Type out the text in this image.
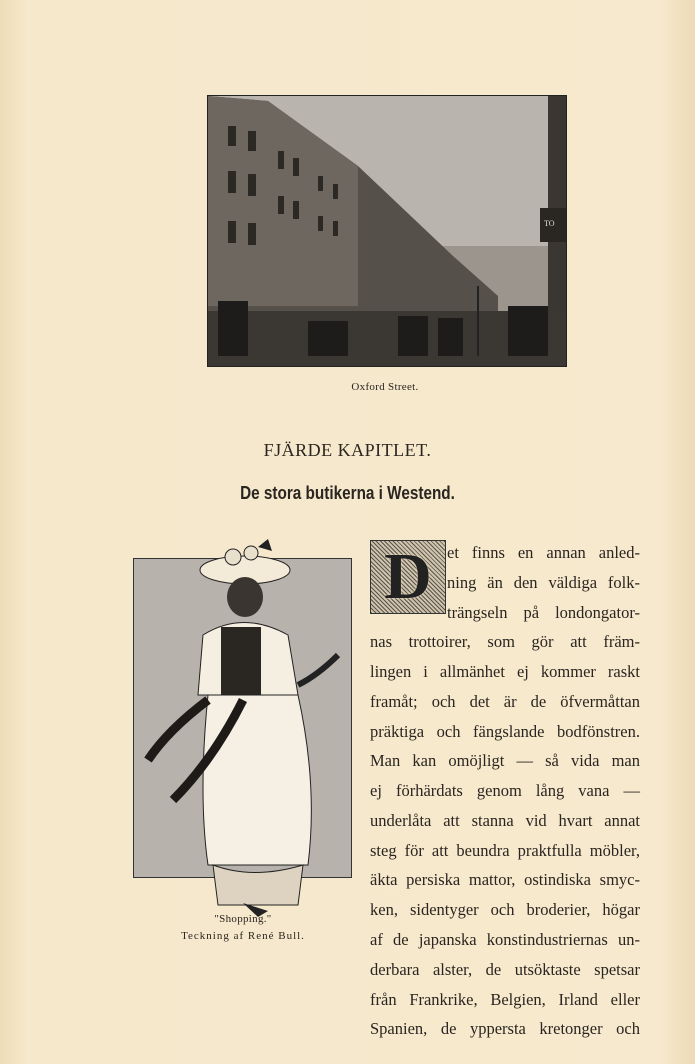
TO
Oxford Street.
FJÄRDE KAPITLET.
De stora butikerna i Westend.
"Shopping."
Teckning af René Bull.
D et finns en annan anled-
ning än den väldiga folk-
trängseln på londongator-
nas trottoirer, som gör att främ-
lingen i allmänhet ej kommer raskt
framåt; och det är de öfvermåttan
präktiga och fängslande bodfönstren.
Man kan omöjligt — så vida man
ej förhärdats genom lång vana —
underlåta att stanna vid hvart annat
steg för att beundra praktfulla möbler,
äkta persiska mattor, ostindiska smyc-
ken, sidentyger och broderier, högar
af de japanska konstindustriernas un-
derbara alster, de utsöktaste spetsar
från Frankrike, Belgien, Irland eller
Spanien, de yppersta kretonger och
